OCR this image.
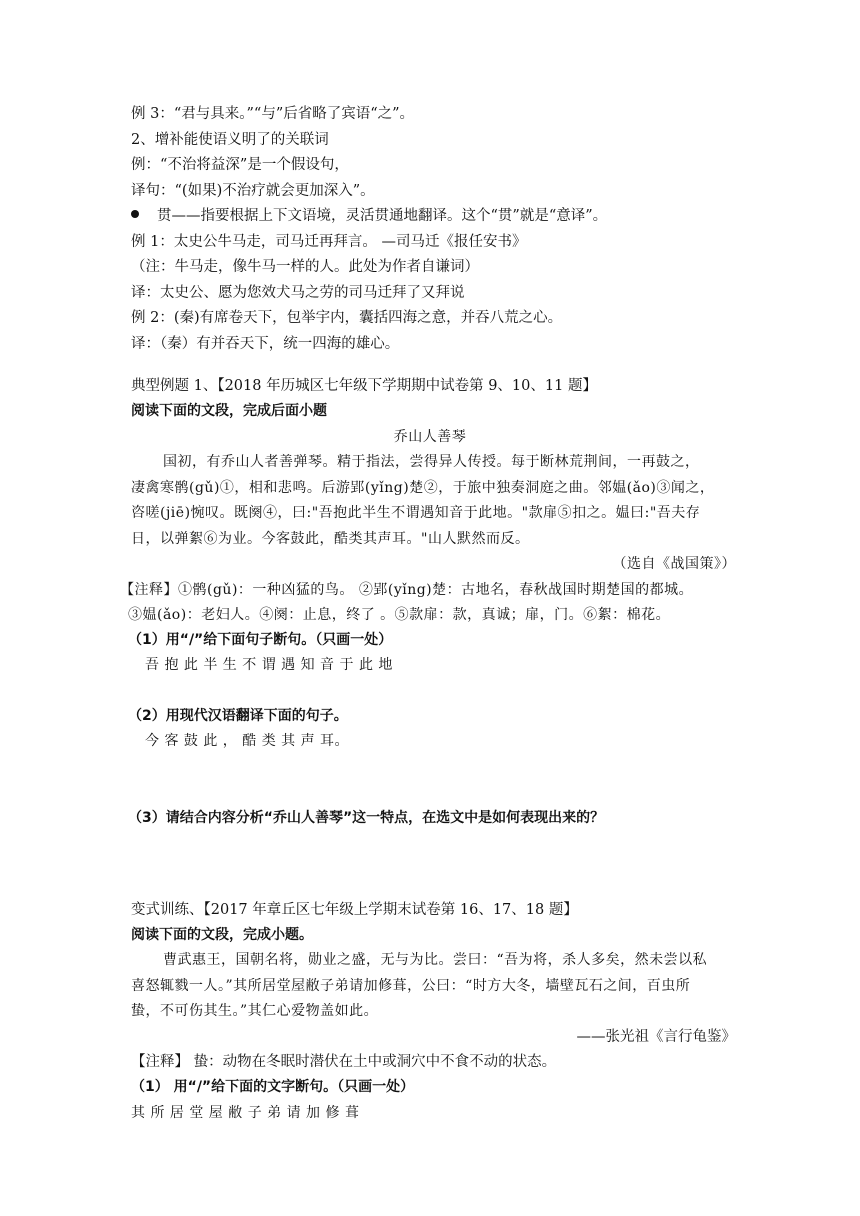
例 3：“君与具来。”“与”后省略了宾语“之”。
2、增补能使语义明了的关联词
例：“不治将益深”是一个假设句，
译句：“(如果)不治疗就会更加深入”。
贯——指要根据上下文语境，灵活贯通地翻译。这个“贯”就是“意译”。
例 1：太史公牛马走，司马迁再拜言。 —司马迁《报任安书》
（注：牛马走，像牛马一样的人。此处为作者自谦词）
译：太史公、愿为您效犬马之劳的司马迁拜了又拜说
例 2：(秦)有席卷天下，包举宇内，囊括四海之意，并吞八荒之心。
译：（秦）有并吞天下，统一四海的雄心。
典型例题 1、【2018 年历城区七年级下学期期中试卷第 9、10、11 题】
阅读下面的文段，完成后面小题
乔山人善琴
国初，有乔山人者善弹琴。精于指法，尝得异人传授。每于断林荒荆间，一再鼓之，
凄禽寒鹘(gǔ)①，相和悲鸣。后游郢(yǐng)楚②，于旅中独奏洞庭之曲。邻媪(ǎo)③闻之，
咨嗟(jiē)惋叹。既阕④，曰:"吾抱此半生不谓遇知音于此地。"款扉⑤扣之。媪曰:"吾夫存
日，以弹絮⑥为业。今客鼓此，酷类其声耳。"山人默然而反。
（选自《战国策》）
【注释】①鹘(gǔ)：一种凶猛的鸟。 ②郢(yǐng)楚：古地名，春秋战国时期楚国的都城。
③媪(ǎo)：老妇人。④阕：止息，终了 。⑤款扉：款，真诚；扉，门。⑥絮：棉花。
（1）用“/”给下面句子断句。（只画一处）
吾 抱 此 半 生 不 谓 遇 知 音 于 此 地
（2）用现代汉语翻译下面的句子。
今 客 鼓 此 ， 酷 类 其 声 耳。
（3）请结合内容分析“乔山人善琴”这一特点，在选文中是如何表现出来的？
变式训练、【2017 年章丘区七年级上学期末试卷第 16、17、18 题】
阅读下面的文段，完成小题。
曹武惠王，国朝名将，勋业之盛，无与为比。尝曰：“吾为将，杀人多矣，然未尝以私
喜怒辄戮一人。”其所居堂屋敝子弟请加修葺，公曰：“时方大冬，墙壁瓦石之间，百虫所
蛰，不可伤其生。”其仁心爱物盖如此。
——张光祖《言行龟鉴》
【注释】 蛰：动物在冬眠时潜伏在土中或洞穴中不食不动的状态。
（1） 用“/”给下面的文字断句。（只画一处）
其 所 居 堂 屋 敝 子 弟 请 加 修 葺
